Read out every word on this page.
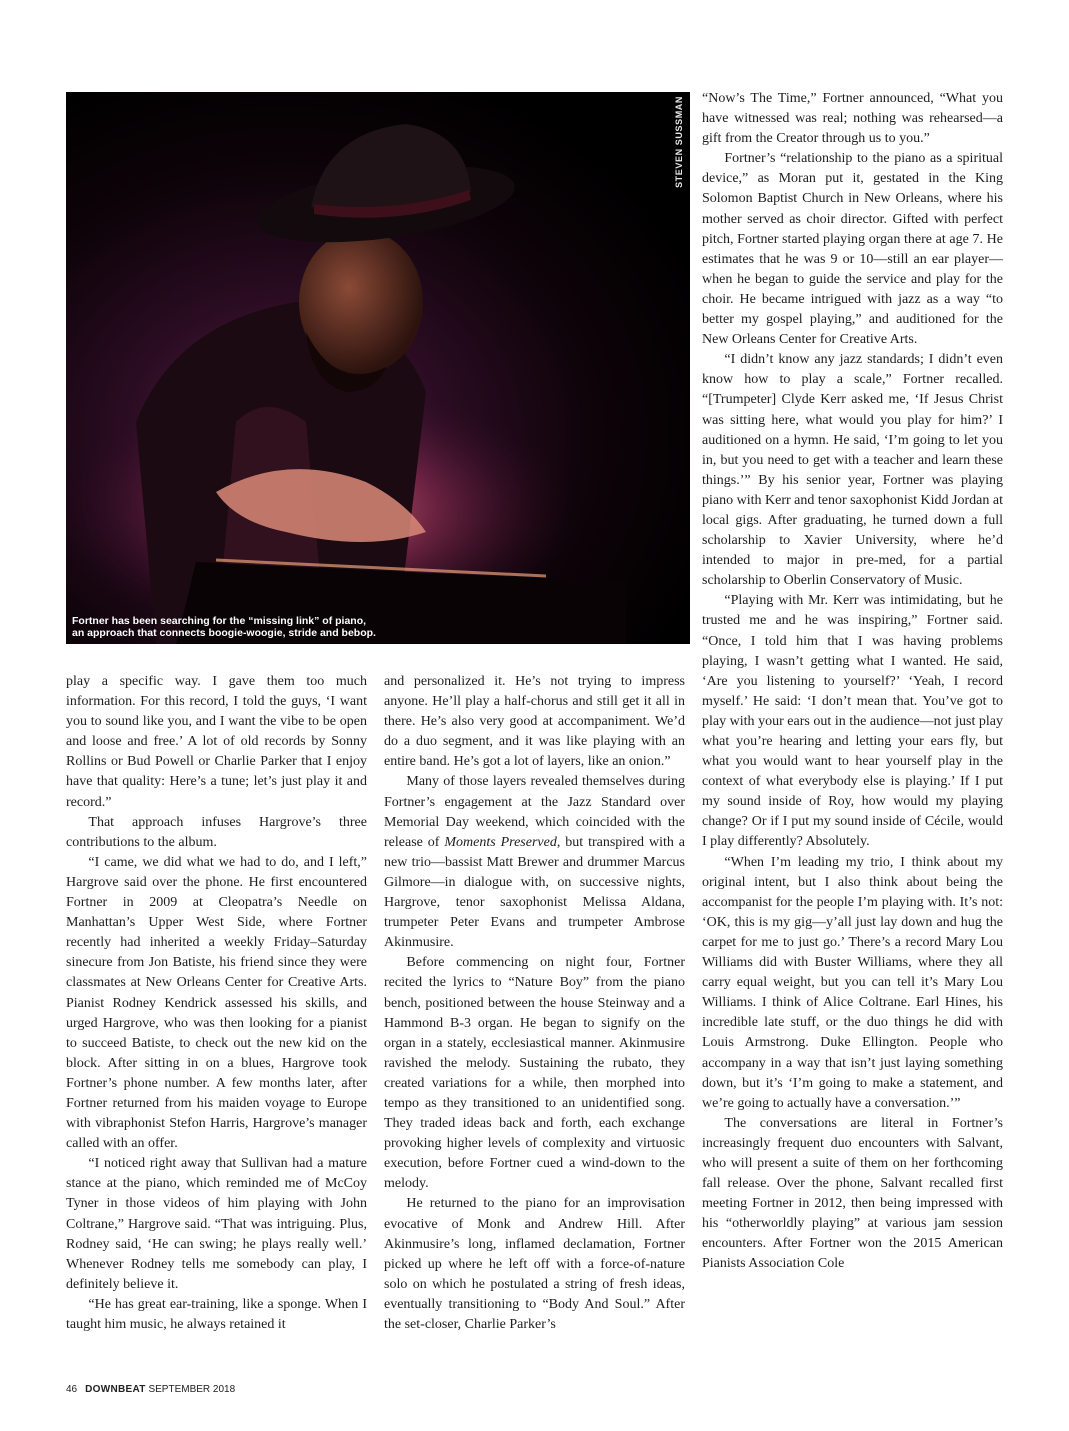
STEVEN SUSSMAN
Fortner has been searching for the “missing link” of piano,
an approach that connects boogie-woogie, stride and bebop.

play a specific way. I gave them too much information. For this record, I told the guys, ‘I want you to sound like you, and I want the vibe to be open and loose and free.’ A lot of old records by Sonny Rollins or Bud Powell or Charlie Parker that I enjoy have that quality: Here’s a tune; let’s just play it and record.”

That approach infuses Hargrove’s three contributions to the album.

“I came, we did what we had to do, and I left,” Hargrove said over the phone. He first encountered Fortner in 2009 at Cleopatra’s Needle on Manhattan’s Upper West Side, where Fortner recently had inherited a weekly Friday–Saturday sinecure from Jon Batiste, his friend since they were classmates at New Orleans Center for Creative Arts. Pianist Rodney Kendrick assessed his skills, and urged Hargrove, who was then looking for a pianist to succeed Batiste, to check out the new kid on the block. After sitting in on a blues, Hargrove took Fortner’s phone number. A few months later, after Fortner returned from his maiden voyage to Europe with vibraphonist Stefon Harris, Hargrove’s manager called with an offer.

“I noticed right away that Sullivan had a mature stance at the piano, which reminded me of McCoy Tyner in those videos of him playing with John Coltrane,” Hargrove said. “That was intriguing. Plus, Rodney said, ‘He can swing; he plays really well.’ Whenever Rodney tells me somebody can play, I definitely believe it.

“He has great ear-training, like a sponge. When I taught him music, he always retained it

and personalized it. He’s not trying to impress anyone. He’ll play a half-chorus and still get it all in there. He’s also very good at accompaniment. We’d do a duo segment, and it was like playing with an entire band. He’s got a lot of layers, like an onion.”

Many of those layers revealed themselves during Fortner’s engagement at the Jazz Standard over Memorial Day weekend, which coincided with the release of Moments Preserved, but transpired with a new trio—bassist Matt Brewer and drummer Marcus Gilmore—in dialogue with, on successive nights, Hargrove, tenor saxophonist Melissa Aldana, trumpeter Peter Evans and trumpeter Ambrose Akinmusire.

Before commencing on night four, Fortner recited the lyrics to “Nature Boy” from the piano bench, positioned between the house Steinway and a Hammond B-3 organ. He began to signify on the organ in a stately, ecclesiastical manner. Akinmusire ravished the melody. Sustaining the rubato, they created variations for a while, then morphed into tempo as they transitioned to an unidentified song. They traded ideas back and forth, each exchange provoking higher levels of complexity and virtuosic execution, before Fortner cued a wind-down to the melody.

He returned to the piano for an improvisation evocative of Monk and Andrew Hill. After Akinmusire’s long, inflamed declamation, Fortner picked up where he left off with a force-of-nature solo on which he postulated a string of fresh ideas, eventually transitioning to “Body And Soul.” After the set-closer, Charlie Parker’s

“Now’s The Time,” Fortner announced, “What you have witnessed was real; nothing was rehearsed—a gift from the Creator through us to you.”

Fortner’s “relationship to the piano as a spiritual device,” as Moran put it, gestated in the King Solomon Baptist Church in New Orleans, where his mother served as choir director. Gifted with perfect pitch, Fortner started playing organ there at age 7. He estimates that he was 9 or 10—still an ear player—when he began to guide the service and play for the choir. He became intrigued with jazz as a way “to better my gospel playing,” and auditioned for the New Orleans Center for Creative Arts.

“I didn’t know any jazz standards; I didn’t even know how to play a scale,” Fortner recalled. “[Trumpeter] Clyde Kerr asked me, ‘If Jesus Christ was sitting here, what would you play for him?’ I auditioned on a hymn. He said, ‘I’m going to let you in, but you need to get with a teacher and learn these things.’” By his senior year, Fortner was playing piano with Kerr and tenor saxophonist Kidd Jordan at local gigs. After graduating, he turned down a full scholarship to Xavier University, where he’d intended to major in pre-med, for a partial scholarship to Oberlin Conservatory of Music.

“Playing with Mr. Kerr was intimidating, but he trusted me and he was inspiring,” Fortner said. “Once, I told him that I was having problems playing, I wasn’t getting what I wanted. He said, ‘Are you listening to yourself?’ ‘Yeah, I record myself.’ He said: ‘I don’t mean that. You’ve got to play with your ears out in the audience—not just play what you’re hearing and letting your ears fly, but what you would want to hear yourself play in the context of what everybody else is playing.’ If I put my sound inside of Roy, how would my playing change? Or if I put my sound inside of Cécile, would I play differently? Absolutely.

“When I’m leading my trio, I think about my original intent, but I also think about being the accompanist for the people I’m playing with. It’s not: ‘OK, this is my gig—y’all just lay down and hug the carpet for me to just go.’ There’s a record Mary Lou Williams did with Buster Williams, where they all carry equal weight, but you can tell it’s Mary Lou Williams. I think of Alice Coltrane. Earl Hines, his incredible late stuff, or the duo things he did with Louis Armstrong. Duke Ellington. People who accompany in a way that isn’t just laying something down, but it’s ‘I’m going to make a statement, and we’re going to actually have a conversation.’”

The conversations are literal in Fortner’s increasingly frequent duo encounters with Salvant, who will present a suite of them on her forthcoming fall release. Over the phone, Salvant recalled first meeting Fortner in 2012, then being impressed with his “otherworldly playing” at various jam session encounters. After Fortner won the 2015 American Pianists Association Cole

46 DOWNBEAT SEPTEMBER 2018
